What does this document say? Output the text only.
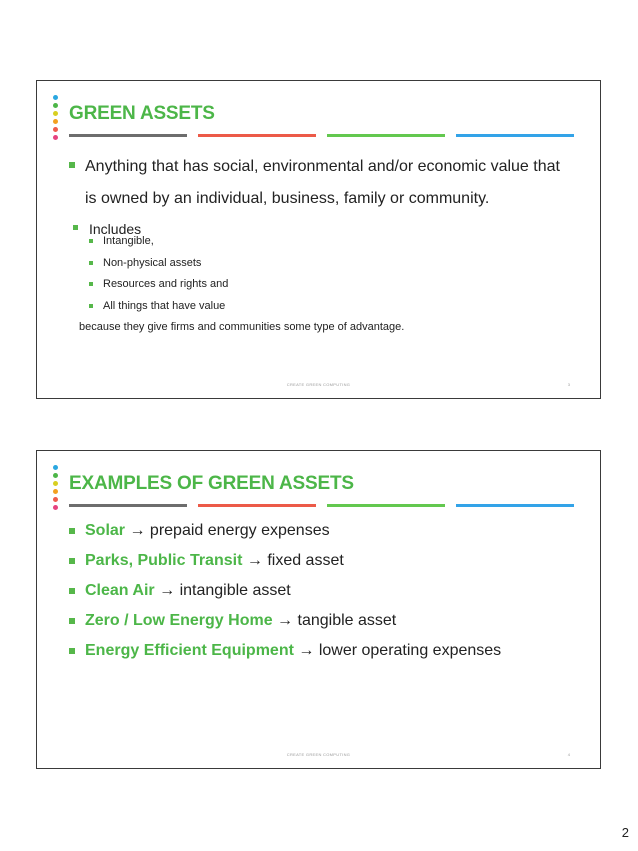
GREEN ASSETS
Anything that has social, environmental and/or economic value that
is owned by an individual, business, family or community.
Includes
Intangible,
Non-physical assets
Resources and rights and
All things that have value
because they give firms and communities some type of advantage.
CREATE GREEN COMPUTING	3
EXAMPLES OF GREEN ASSETS
Solar → prepaid energy expenses
Parks, Public Transit → fixed asset
Clean Air → intangible asset
Zero / Low Energy Home → tangible asset
Energy Efficient Equipment → lower operating expenses
CREATE GREEN COMPUTING	4
2
